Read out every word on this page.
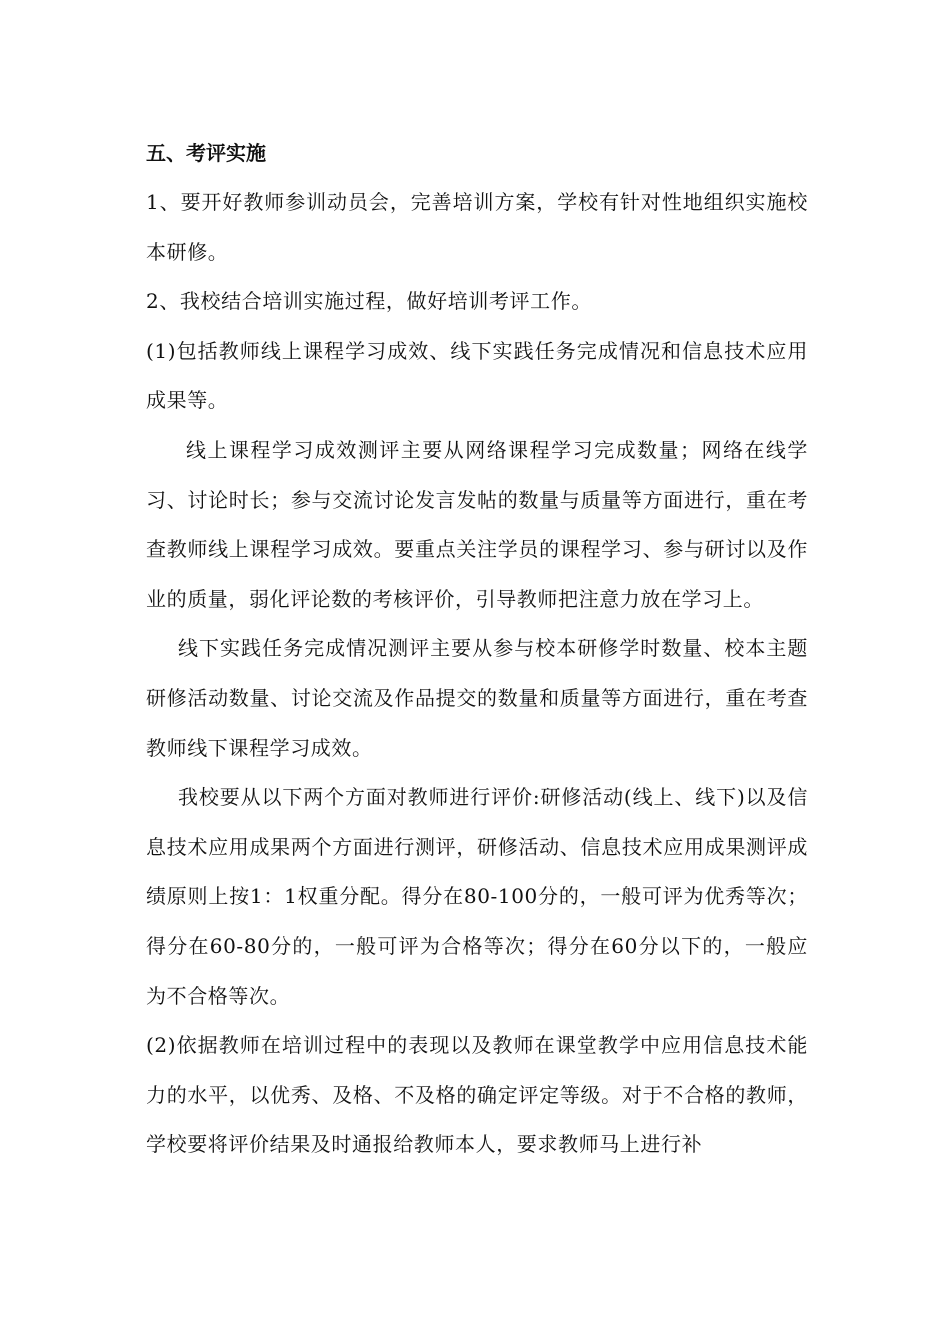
五、考评实施

1、要开好教师参训动员会，完善培训方案，学校有针对性地组织实施校本研修。

2、我校结合培训实施过程，做好培训考评工作。

(1)包括教师线上课程学习成效、线下实践任务完成情况和信息技术应用成果等。

线上课程学习成效测评主要从网络课程学习完成数量；网络在线学习、讨论时长；参与交流讨论发言发帖的数量与质量等方面进行，重在考查教师线上课程学习成效。要重点关注学员的课程学习、参与研讨以及作业的质量，弱化评论数的考核评价，引导教师把注意力放在学习上。

线下实践任务完成情况测评主要从参与校本研修学时数量、校本主题研修活动数量、讨论交流及作品提交的数量和质量等方面进行，重在考查教师线下课程学习成效。

我校要从以下两个方面对教师进行评价:研修活动(线上、线下)以及信息技术应用成果两个方面进行测评，研修活动、信息技术应用成果测评成绩原则上按1：1权重分配。得分在80-100分的，一般可评为优秀等次；得分在60-80分的，一般可评为合格等次；得分在60分以下的，一般应为不合格等次。

(2)依据教师在培训过程中的表现以及教师在课堂教学中应用信息技术能力的水平，以优秀、及格、不及格的确定评定等级。对于不合格的教师，学校要将评价结果及时通报给教师本人，要求教师马上进行补
